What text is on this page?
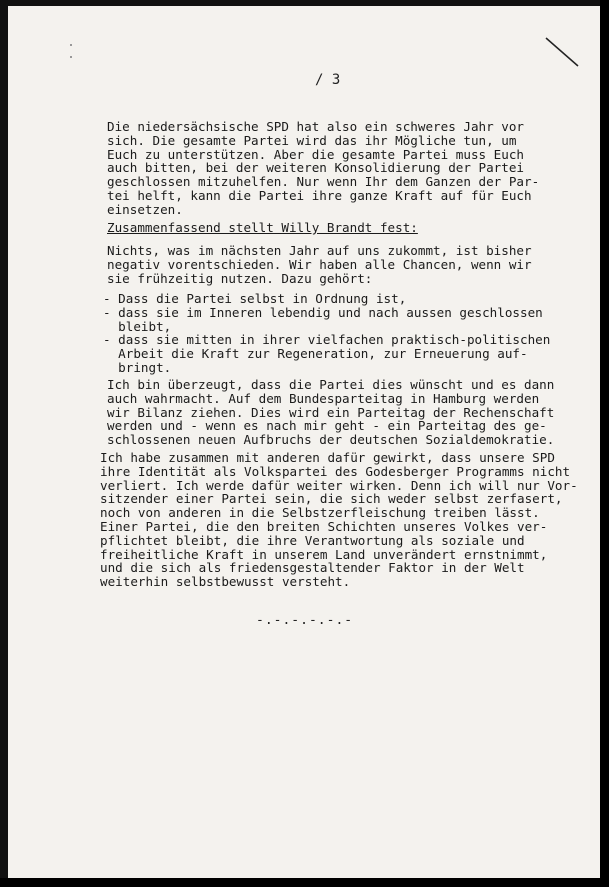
/ 3

Die niedersächsische SPD hat also ein schweres Jahr vor

sich. Die gesamte Partei wird das ihr Mögliche tun, um

Euch zu unterstützen. Aber die gesamte Partei muss Euch

auch bitten, bei der weiteren Konsolidierung der Partei

geschlossen mitzuhelfen. Nur wenn Ihr dem Ganzen der Par-

tei helft, kann die Partei ihre ganze Kraft auf für Euch

einsetzen.

Zusammenfassend stellt Willy Brandt fest:

Nichts, was im nächsten Jahr auf uns zukommt, ist bisher

negativ vorentschieden. Wir haben alle Chancen, wenn wir

sie frühzeitig nutzen. Dazu gehört:

- Dass die Partei selbst in Ordnung ist,

- dass sie im Inneren lebendig und nach aussen geschlossen

bleibt,

- dass sie mitten in ihrer vielfachen praktisch-politischen

Arbeit die Kraft zur Regeneration, zur Erneuerung auf-

bringt.

Ich bin überzeugt, dass die Partei dies wünscht und es dann

auch wahrmacht. Auf dem Bundesparteitag in Hamburg werden

wir Bilanz ziehen. Dies wird ein Parteitag der Rechenschaft

werden und - wenn es nach mir geht - ein Parteitag des ge-

schlossenen neuen Aufbruchs der deutschen Sozialdemokratie.

Ich habe zusammen mit anderen dafür gewirkt, dass unsere SPD

ihre Identität als Volkspartei des Godesberger Programms nicht

verliert. Ich werde dafür weiter wirken. Denn ich will nur Vor-

sitzender einer Partei sein, die sich weder selbst zerfasert,

noch von anderen in die Selbstzerfleischung treiben lässt.

Einer Partei, die den breiten Schichten unseres Volkes ver-

pflichtet bleibt, die ihre Verantwortung als soziale und

freiheitliche Kraft in unserem Land unverändert ernstnimmt,

und die sich als friedensgestaltender Faktor in der Welt

weiterhin selbstbewusst versteht.

-.-.-.-.-.-
